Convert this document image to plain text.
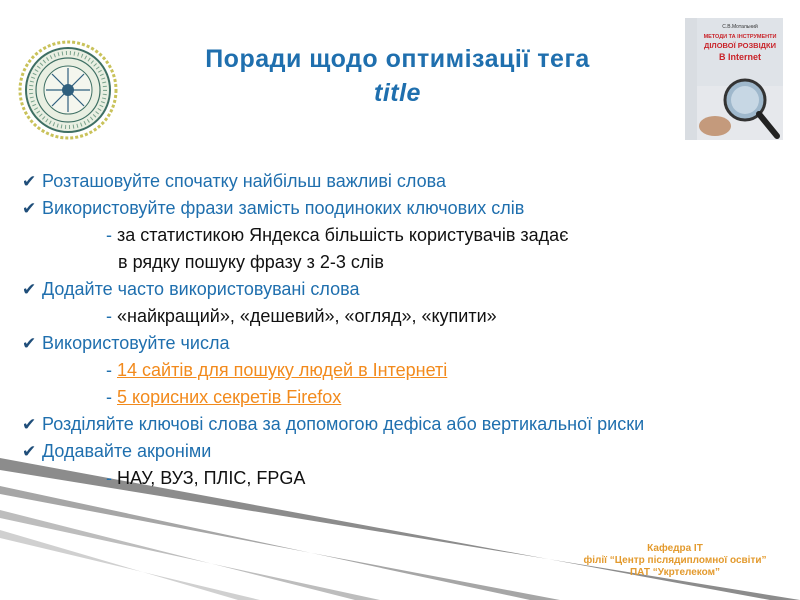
С.В.Мотальний
МЕТОДИ ТА ІНСТРУМЕНТИ
ДІЛОВОЇ РОЗВІДКИ
В Internet
Поради щодо оптимізації тега
title
✔ Розташовуйте спочатку найбільш важливі слова
✔ Використовуйте фрази замість поодиноких ключових слів
- за статистикою Яндекса більшість користувачів задає
в рядку пошуку фразу з 2-3 слів
✔ Додайте часто використовувані слова
- «найкращий», «дешевий», «огляд», «купити»
✔ Використовуйте числа
- 14 сайтів для пошуку людей в Інтернеті
- 5 корисних секретів Firefox
✔ Розділяйте ключові слова за допомогою дефіса або вертикальної риски
✔ Додавайте акроніми
- НАУ, ВУЗ, ПЛІС, FPGA
Кафедра ІТ
філії “Центр післядипломної освіти”
ПАТ “Укртелеком”
